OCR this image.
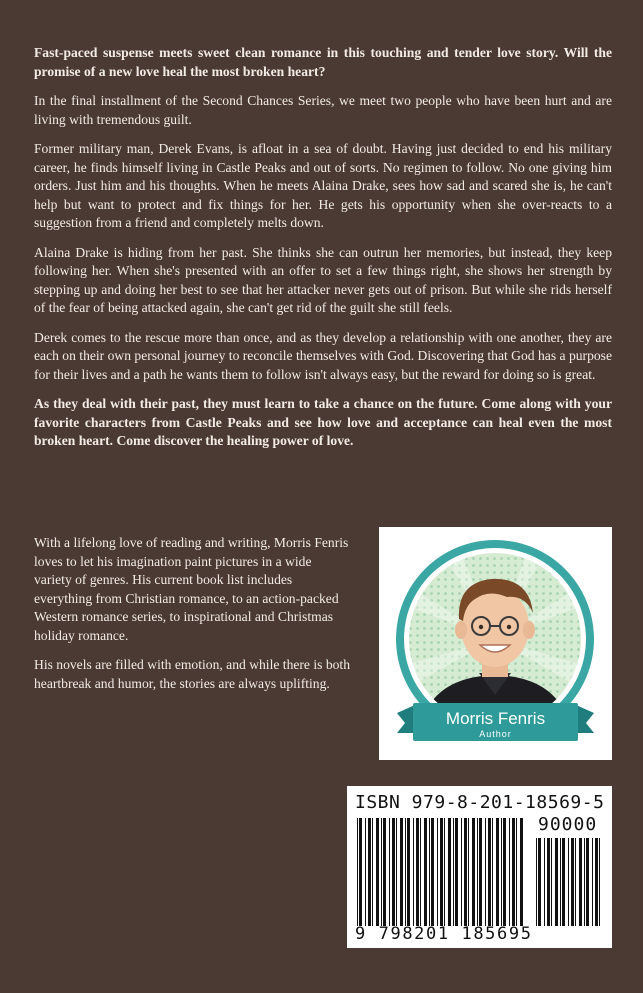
Fast-paced suspense meets sweet clean romance in this touching and tender love story. Will the promise of a new love heal the most broken heart?

In the final installment of the Second Chances Series, we meet two people who have been hurt and are living with tremendous guilt.

Former military man, Derek Evans, is afloat in a sea of doubt. Having just decided to end his military career, he finds himself living in Castle Peaks and out of sorts. No regimen to follow. No one giving him orders. Just him and his thoughts. When he meets Alaina Drake, sees how sad and scared she is, he can't help but want to protect and fix things for her. He gets his opportunity when she over-reacts to a suggestion from a friend and completely melts down.

Alaina Drake is hiding from her past. She thinks she can outrun her memories, but instead, they keep following her. When she's presented with an offer to set a few things right, she shows her strength by stepping up and doing her best to see that her attacker never gets out of prison. But while she rids herself of the fear of being attacked again, she can't get rid of the guilt she still feels.

Derek comes to the rescue more than once, and as they develop a relationship with one another, they are each on their own personal journey to reconcile themselves with God. Discovering that God has a purpose for their lives and a path he wants them to follow isn't always easy, but the reward for doing so is great.

As they deal with their past, they must learn to take a chance on the future. Come along with your favorite characters from Castle Peaks and see how love and acceptance can heal even the most broken heart. Come discover the healing power of love.

With a lifelong love of reading and writing, Morris Fenris loves to let his imagination paint pictures in a wide variety of genres. His current book list includes everything from Christian romance, to an action-packed Western romance series, to inspirational and Christmas holiday romance.

His novels are filled with emotion, and while there is both heartbreak and humor, the stories are always uplifting.

Morris Fenris
Author
ISBN 979-8-201-18569-5
90000
9 798201 185695
